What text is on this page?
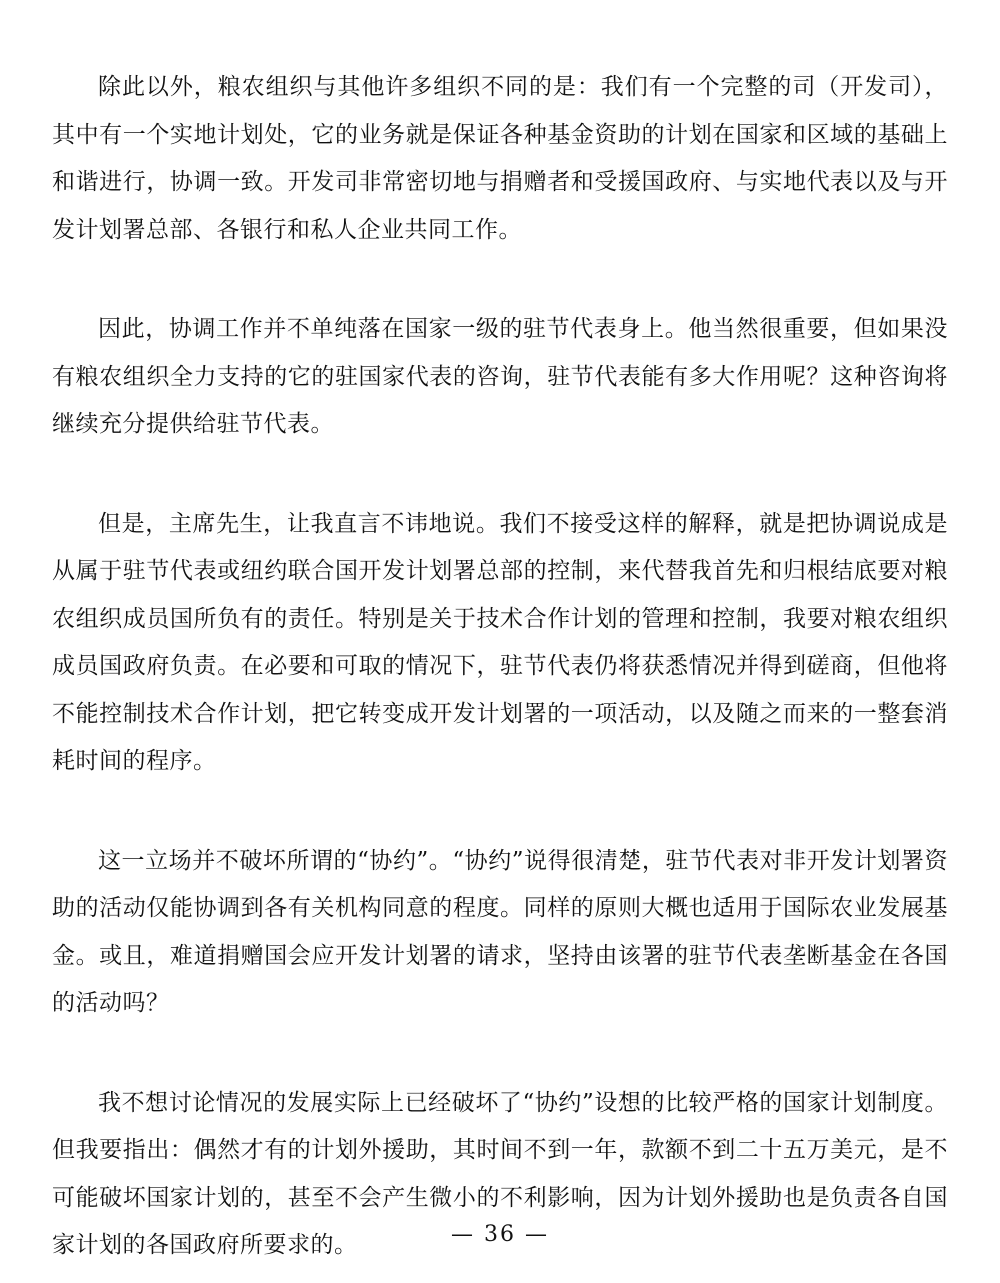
除此以外，粮农组织与其他许多组织不同的是：我们有一个完整的司（开发司），其中有一个实地计划处，它的业务就是保证各种基金资助的计划在国家和区域的基础上和谐进行，协调一致。开发司非常密切地与捐赠者和受援国政府、与实地代表以及与开发计划署总部、各银行和私人企业共同工作。

因此，协调工作并不单纯落在国家一级的驻节代表身上。他当然很重要，但如果没有粮农组织全力支持的它的驻国家代表的咨询，驻节代表能有多大作用呢？这种咨询将继续充分提供给驻节代表。

但是，主席先生，让我直言不讳地说。我们不接受这样的解释，就是把协调说成是从属于驻节代表或纽约联合国开发计划署总部的控制，来代替我首先和归根结底要对粮农组织成员国所负有的责任。特别是关于技术合作计划的管理和控制，我要对粮农组织成员国政府负责。在必要和可取的情况下，驻节代表仍将获悉情况并得到磋商，但他将不能控制技术合作计划，把它转变成开发计划署的一项活动，以及随之而来的一整套消耗时间的程序。

这一立场并不破坏所谓的“协约”。“协约”说得很清楚，驻节代表对非开发计划署资助的活动仅能协调到各有关机构同意的程度。同样的原则大概也适用于国际农业发展基金。或且，难道捐赠国会应开发计划署的请求，坚持由该署的驻节代表垄断基金在各国的活动吗？

我不想讨论情况的发展实际上已经破坏了“协约”设想的比较严格的国家计划制度。但我要指出：偶然才有的计划外援助，其时间不到一年，款额不到二十五万美元，是不可能破坏国家计划的，甚至不会产生微小的不利影响，因为计划外援助也是负责各自国家计划的各国政府所要求的。	— 36 —
